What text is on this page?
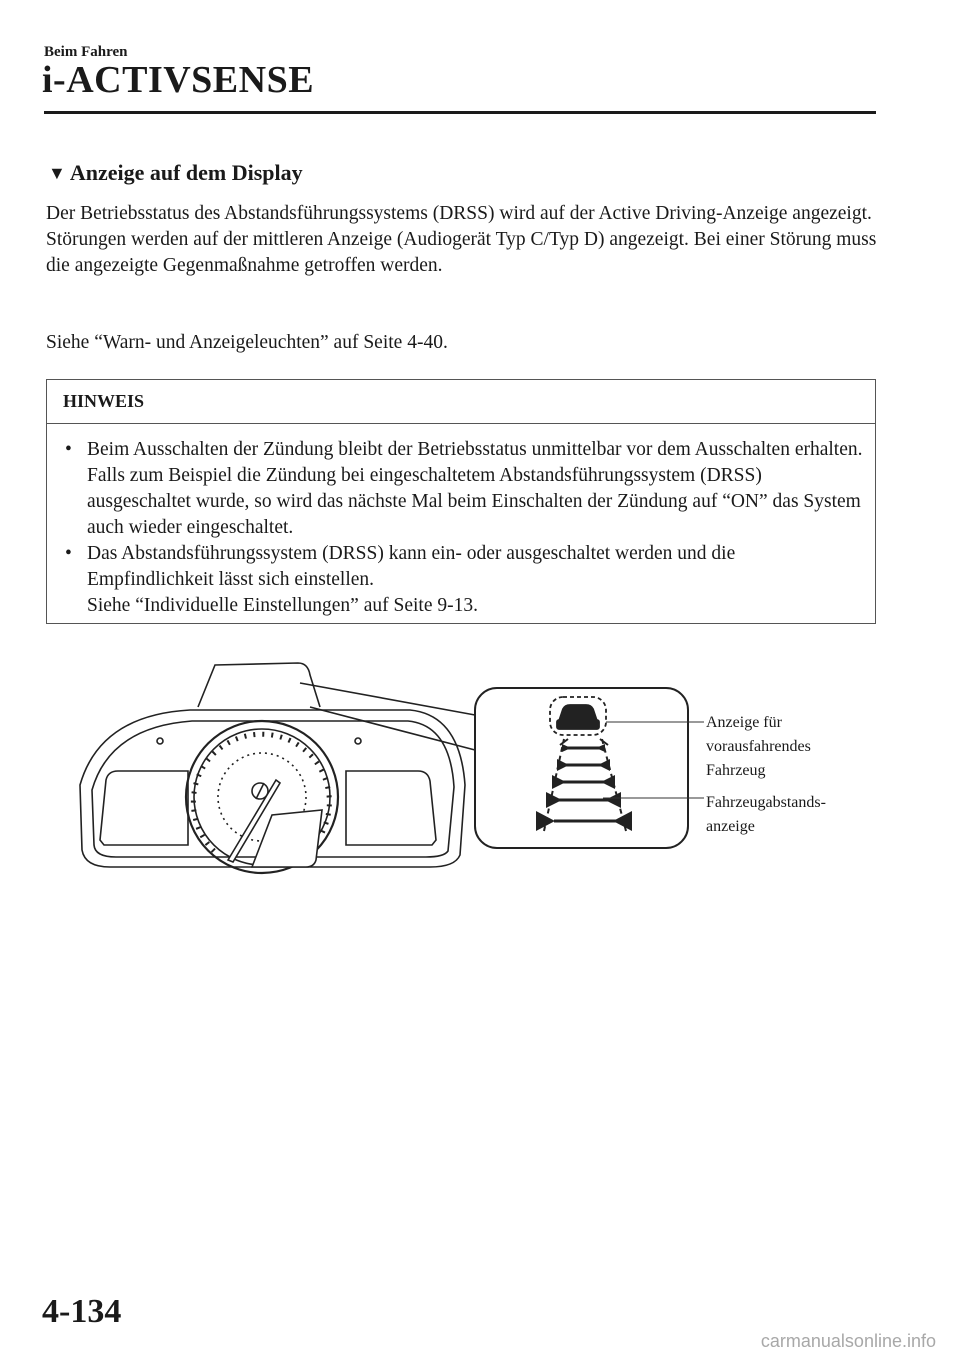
Beim Fahren
i-ACTIVSENSE
▼ Anzeige auf dem Display
Der Betriebsstatus des Abstandsführungssystems (DRSS) wird auf der Active Driving-Anzeige angezeigt.
Störungen werden auf der mittleren Anzeige (Audiogerät Typ C/Typ D) angezeigt. Bei einer Störung muss die angezeigte Gegenmaßnahme getroffen werden.
Siehe “Warn- und Anzeigeleuchten” auf Seite 4-40.
HINWEIS
• Beim Ausschalten der Zündung bleibt der Betriebsstatus unmittelbar vor dem Ausschalten erhalten. Falls zum Beispiel die Zündung bei eingeschaltetem Abstandsführungssystem (DRSS) ausgeschaltet wurde, so wird das nächste Mal beim Einschalten der Zündung auf “ON” das System auch wieder eingeschaltet.
• Das Abstandsführungssystem (DRSS) kann ein- oder ausgeschaltet werden und die Empfindlichkeit lässt sich einstellen.
Siehe “Individuelle Einstellungen” auf Seite 9-13.
Anzeige für
vorausfahrendes
Fahrzeug
Fahrzeugabstands-
anzeige
4-134
carmanualsonline.info
